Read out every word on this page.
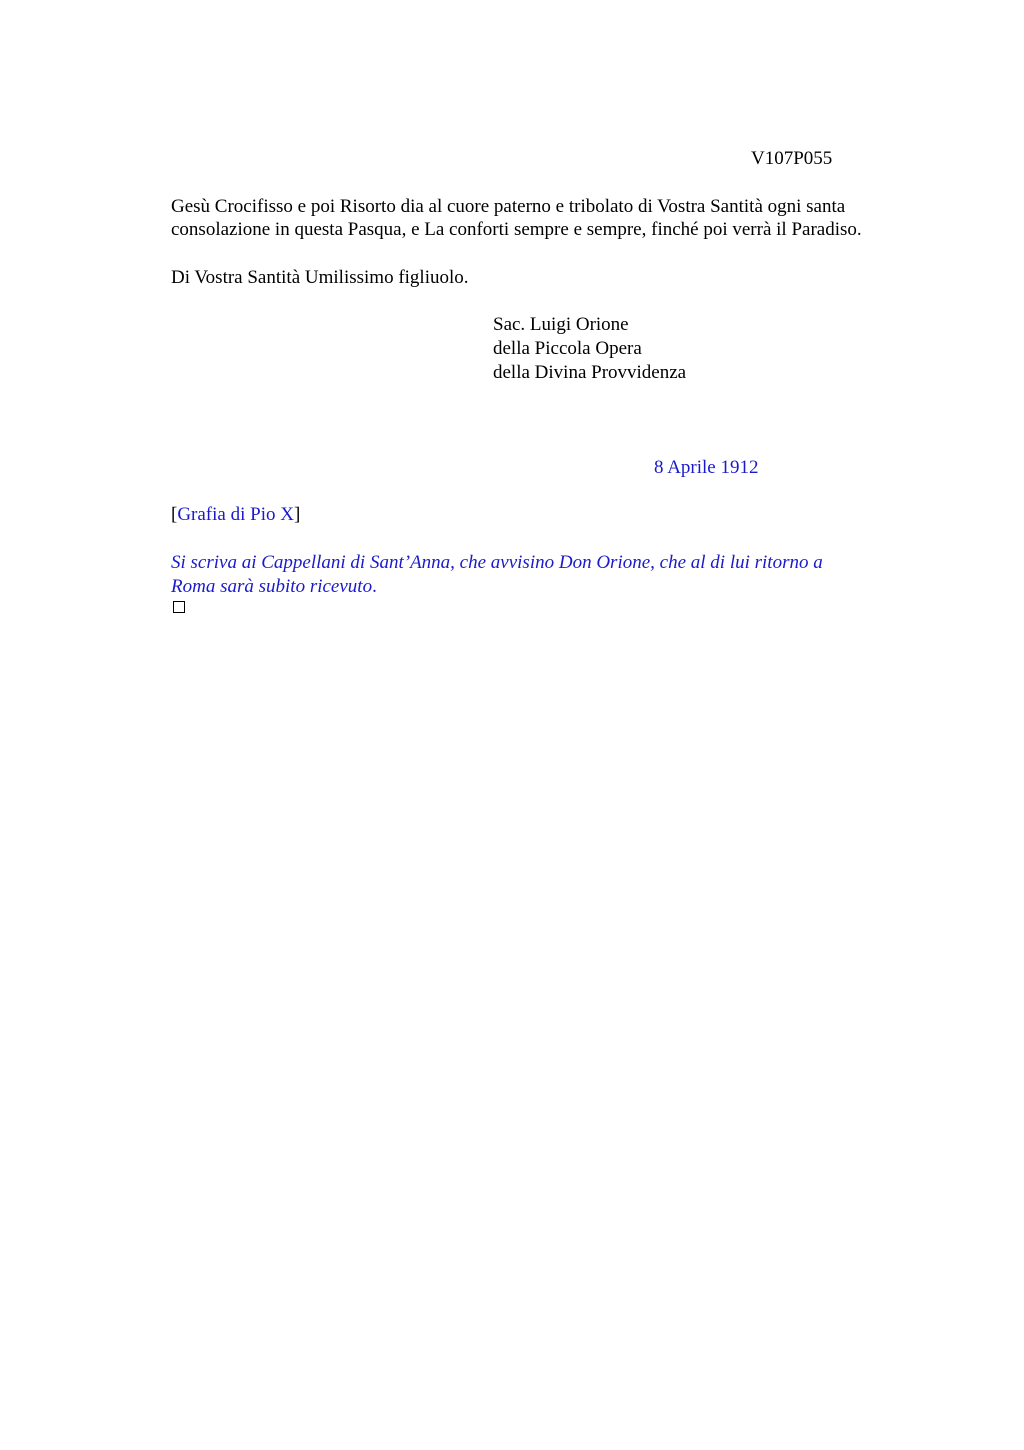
V107P055

Gesù Crocifisso e poi Risorto dia al cuore paterno e tribolato di Vostra Santità ogni santa
consolazione in questa Pasqua, e La conforti sempre e sempre, finché poi verrà il Paradiso.

Di Vostra Santità Umilissimo figliuolo.

Sac. Luigi Orione
della Piccola Opera
della Divina Provvidenza

8 Aprile 1912

[Grafia di Pio X]

Si scriva ai Cappellani di Sant’Anna, che avvisino Don Orione, che al di lui ritorno a
Roma sarà subito ricevuto.
